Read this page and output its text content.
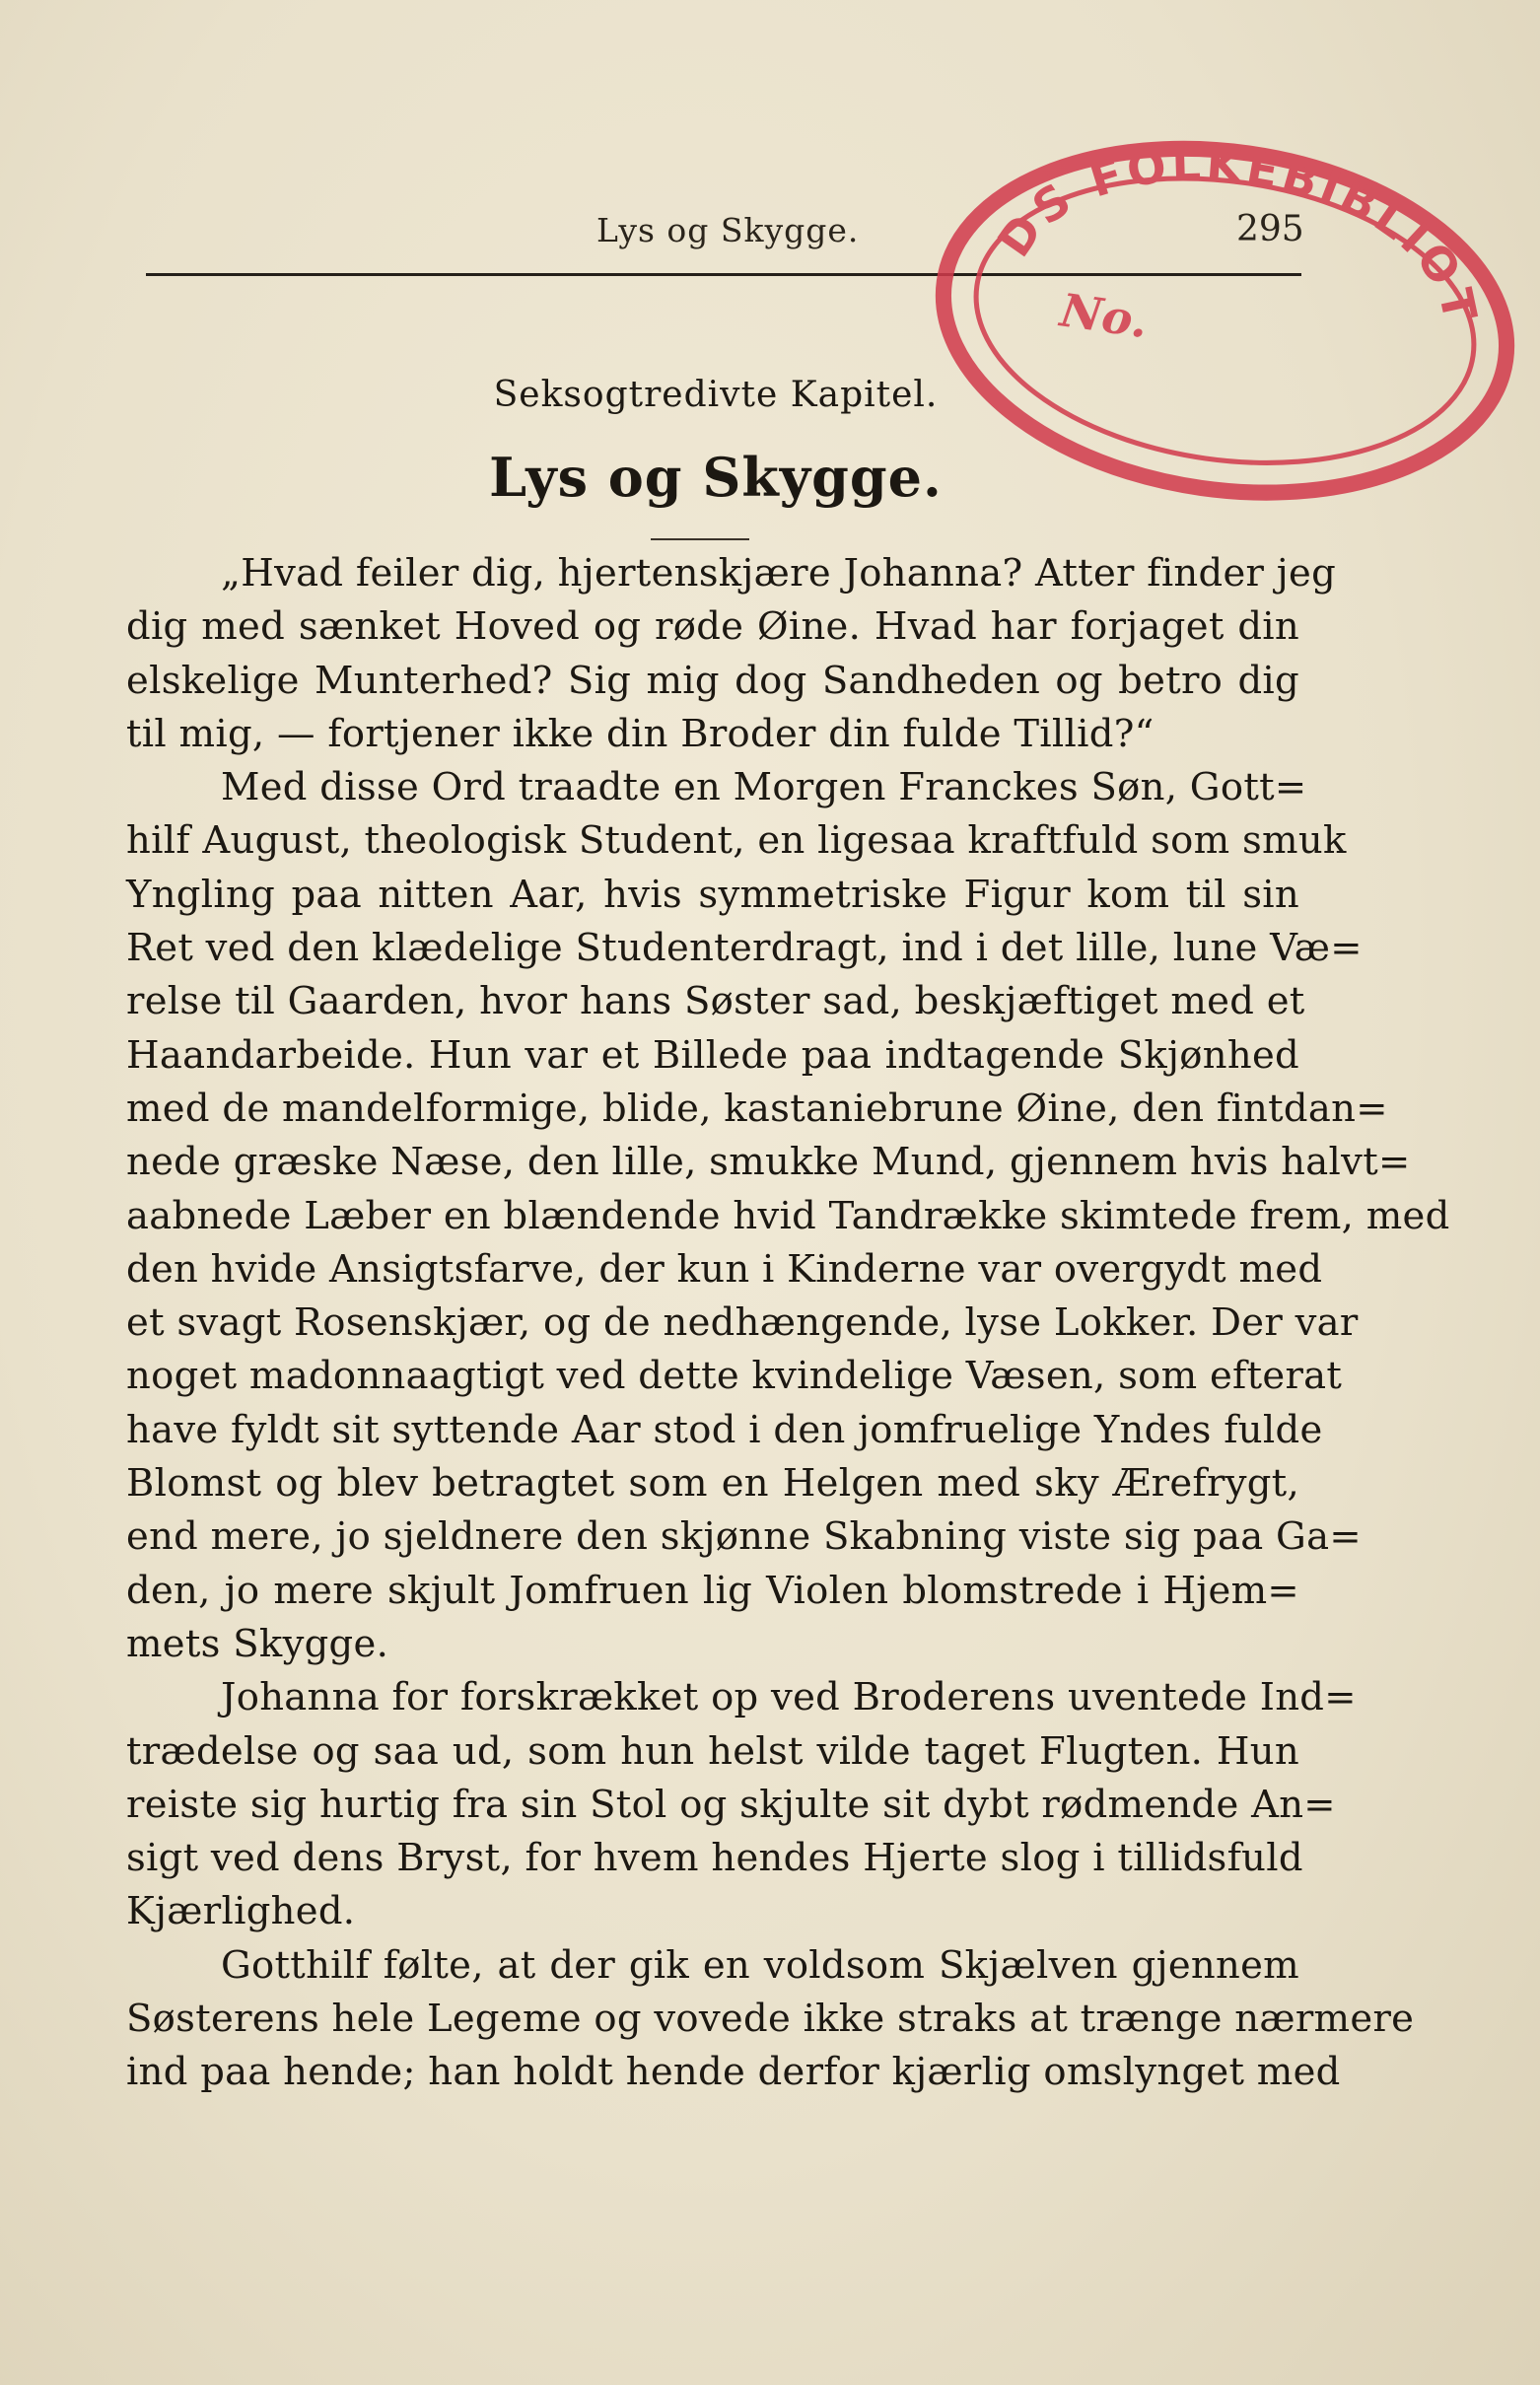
Lys og Skygge.	295
Seksogtredivte Kapitel.
Lys og Skygge.
„Hvad feiler dig, hjertenskjære Johanna? Atter finder jeg
dig med sænket Hoved og røde Øine. Hvad har forjaget din
elskelige Munterhed? Sig mig dog Sandheden og betro dig
til mig, — fortjener ikke din Broder din fulde Tillid?“
Med disse Ord traadte en Morgen Franckes Søn, Gott=
hilf August, theologisk Student, en ligesaa kraftfuld som smuk
Yngling paa nitten Aar, hvis symmetriske Figur kom til sin
Ret ved den klædelige Studenterdragt, ind i det lille, lune Væ=
relse til Gaarden, hvor hans Søster sad, beskjæftiget med et
Haandarbeide. Hun var et Billede paa indtagende Skjønhed
med de mandelformige, blide, kastaniebrune Øine, den fintdan=
nede græske Næse, den lille, smukke Mund, gjennem hvis halvt=
aabnede Læber en blændende hvid Tandrække skimtede frem, med
den hvide Ansigtsfarve, der kun i Kinderne var overgydt med
et svagt Rosenskjær, og de nedhængende, lyse Lokker. Der var
noget madonnaagtigt ved dette kvindelige Væsen, som efterat
have fyldt sit syttende Aar stod i den jomfruelige Yndes fulde
Blomst og blev betragtet som en Helgen med sky Ærefrygt,
end mere, jo sjeldnere den skjønne Skabning viste sig paa Ga=
den, jo mere skjult Jomfruen lig Violen blomstrede i Hjem=
mets Skygge.
Johanna for forskrækket op ved Broderens uventede Ind=
trædelse og saa ud, som hun helst vilde taget Flugten. Hun
reiste sig hurtig fra sin Stol og skjulte sit dybt rødmende An=
sigt ved dens Bryst, for hvem hendes Hjerte slog i tillidsfuld
Kjærlighed.
Gotthilf følte, at der gik en voldsom Skjælven gjennem
Søsterens hele Legeme og vovede ikke straks at trænge nærmere
ind paa hende; han holdt hende derfor kjærlig omslynget med
BODS FOLKEBIBLIOTEK
No.
